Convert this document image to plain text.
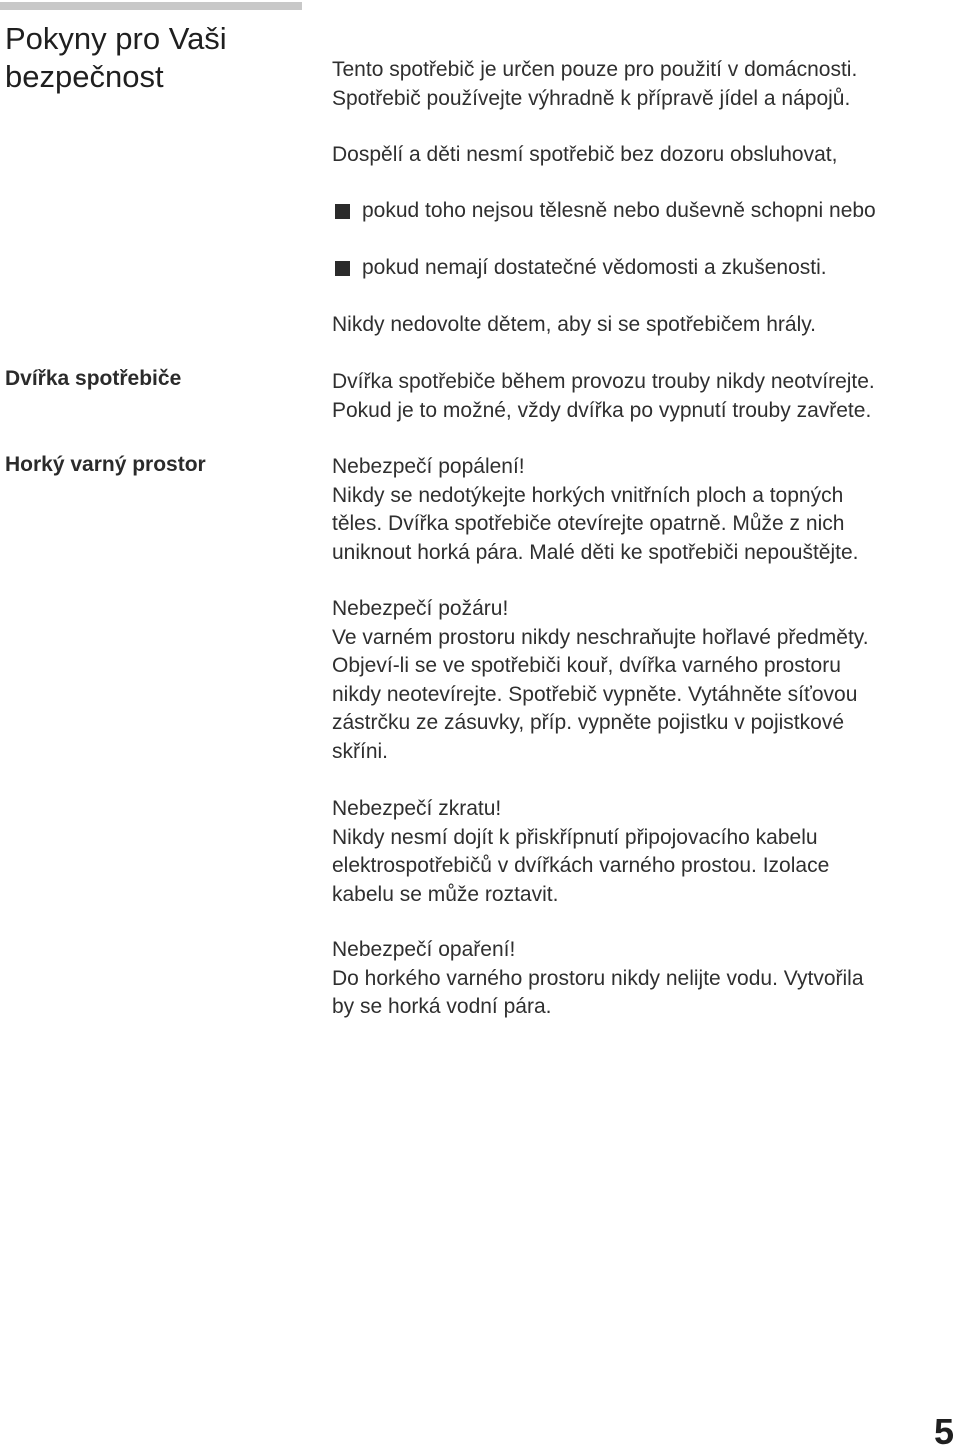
Pokyny pro Vaši bezpečnost	Tento spotřebič je určen pouze pro použití v domácnosti.

Spotřebič používejte výhradně k přípravě jídel a nápojů.

Dospělí a děti nesmí spotřebič bez dozoru obsluhovat,

pokud toho nejsou tělesně nebo duševně schopni nebo
pokud nemají dostatečné vědomosti a zkušenosti.

Nikdy nedovolte dětem, aby si se spotřebičem hrály.

Dvířka spotřebiče	Dvířka spotřebiče během provozu trouby nikdy neotvírejte.

Pokud je to možné, vždy dvířka po vypnutí trouby zavřete.

Horký varný prostor	Nebezpečí popálení!

Nikdy se nedotýkejte horkých vnitřních ploch a topných

těles. Dvířka spotřebiče otevírejte opatrně. Může z nich

uniknout horká pára. Malé děti ke spotřebiči nepouštějte.

Nebezpečí požáru!

Ve varném prostoru nikdy neschraňujte hořlavé předměty.

Objeví-li se ve spotřebiči kouř, dvířka varného prostoru

nikdy neotevírejte. Spotřebič vypněte. Vytáhněte síťovou

zástrčku ze zásuvky, příp. vypněte pojistku v pojistkové

skříni.

Nebezpečí zkratu!

Nikdy nesmí dojít k přiskřípnutí připojovacího kabelu

elektrospotřebičů v dvířkách varného prostou. Izolace

kabelu se může roztavit.

Nebezpečí opaření!

Do horkého varného prostoru nikdy nelijte vodu. Vytvořila

by se horká vodní pára.

5
